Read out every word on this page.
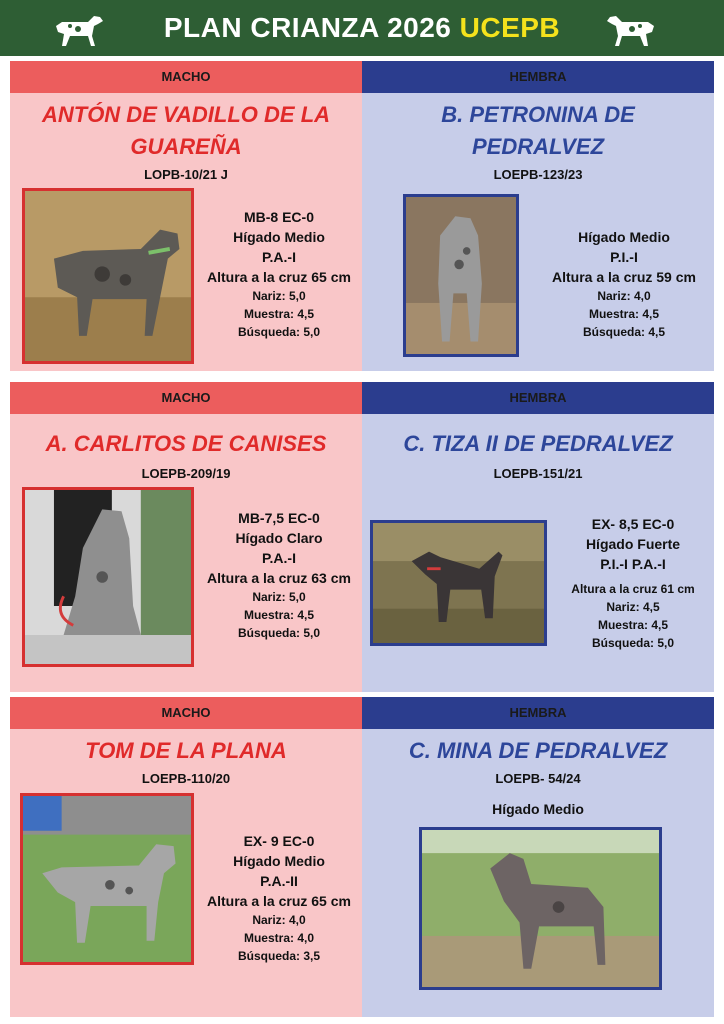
PLAN CRIANZA 2026 UCEPB
MACHO
ANTÓN DE VADILLO DE LA
GUAREÑA
LOPB-10/21 J
MB-8 EC-0
Hígado Medio
P.A.-I
Altura a la cruz 65 cm
Nariz: 5,0
Muestra: 4,5
Búsqueda: 5,0
HEMBRA
B. PETRONINA DE
PEDRALVEZ
LOEPB-123/23
Hígado Medio
P.I.-I
Altura a la cruz 59 cm
Nariz: 4,0
Muestra: 4,5
Búsqueda: 4,5
MACHO
A. CARLITOS DE CANISES
LOEPB-209/19
MB-7,5 EC-0
Hígado Claro
P.A.-I
Altura a la cruz 63 cm
Nariz: 5,0
Muestra: 4,5
Búsqueda: 5,0
HEMBRA
C. TIZA II DE PEDRALVEZ
LOEPB-151/21
EX- 8,5 EC-0
Hígado Fuerte
P.I.-I P.A.-I
Altura a la cruz 61 cm
Nariz: 4,5
Muestra: 4,5
Búsqueda: 5,0
MACHO
TOM DE LA PLANA
LOEPB-110/20
EX- 9 EC-0
Hígado Medio
P.A.-II
Altura a la cruz 65 cm
Nariz: 4,0
Muestra: 4,0
Búsqueda: 3,5
HEMBRA
C. MINA DE PEDRALVEZ
LOEPB- 54/24
Hígado Medio
